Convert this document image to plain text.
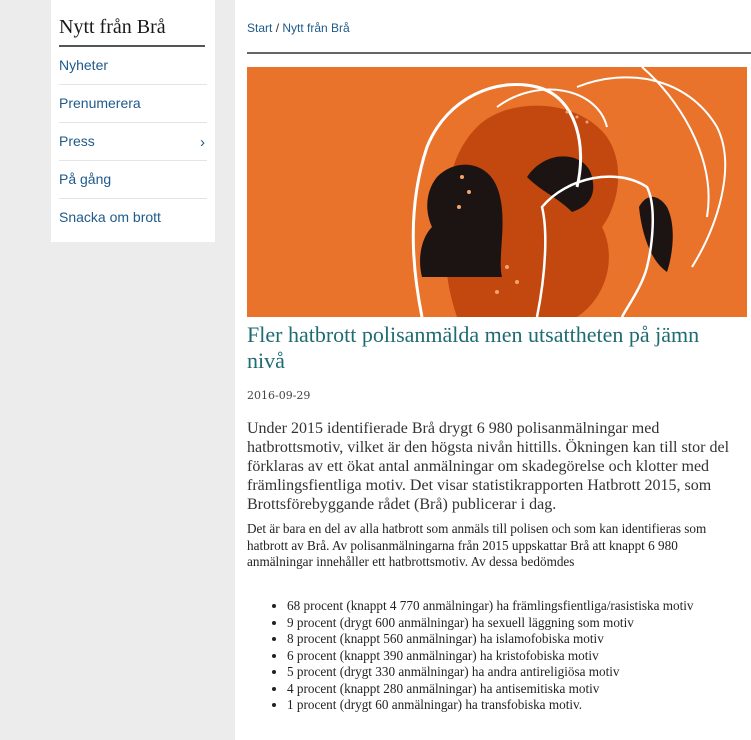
Nytt från Brå
Nyheter
Prenumerera
Press	›
På gång
Snacka om brott
Start / Nytt från Brå
Fler hatbrott polisanmälda men utsattheten på jämn nivå
2016-09-29

Under 2015 identifierade Brå drygt 6 980 polisanmälningar med hatbrottsmotiv, vilket är den högsta nivån hittills. Ökningen kan till stor del förklaras av ett ökat antal anmälningar om skadegörelse och klotter med främlingsfientliga motiv. Det visar statistikrapporten Hatbrott 2015, som Brottsförebyggande rådet (Brå) publicerar i dag.

Det är bara en del av alla hatbrott som anmäls till polisen och som kan identifieras som hatbrott av Brå. Av polisanmälningarna från 2015 uppskattar Brå att knappt 6 980 anmälningar innehåller ett hatbrottsmotiv. Av dessa bedömdes

• 68 procent (knappt 4 770 anmälningar) ha främlingsfientliga/rasistiska motiv
• 9 procent (drygt 600 anmälningar) ha sexuell läggning som motiv
• 8 procent (knappt 560 anmälningar) ha islamofobiska motiv
• 6 procent (knappt 390 anmälningar) ha kristofobiska motiv
• 5 procent (drygt 330 anmälningar) ha andra antireligiösa motiv
• 4 procent (knappt 280 anmälningar) ha antisemitiska motiv
• 1 procent (drygt 60 anmälningar) ha transfobiska motiv.
